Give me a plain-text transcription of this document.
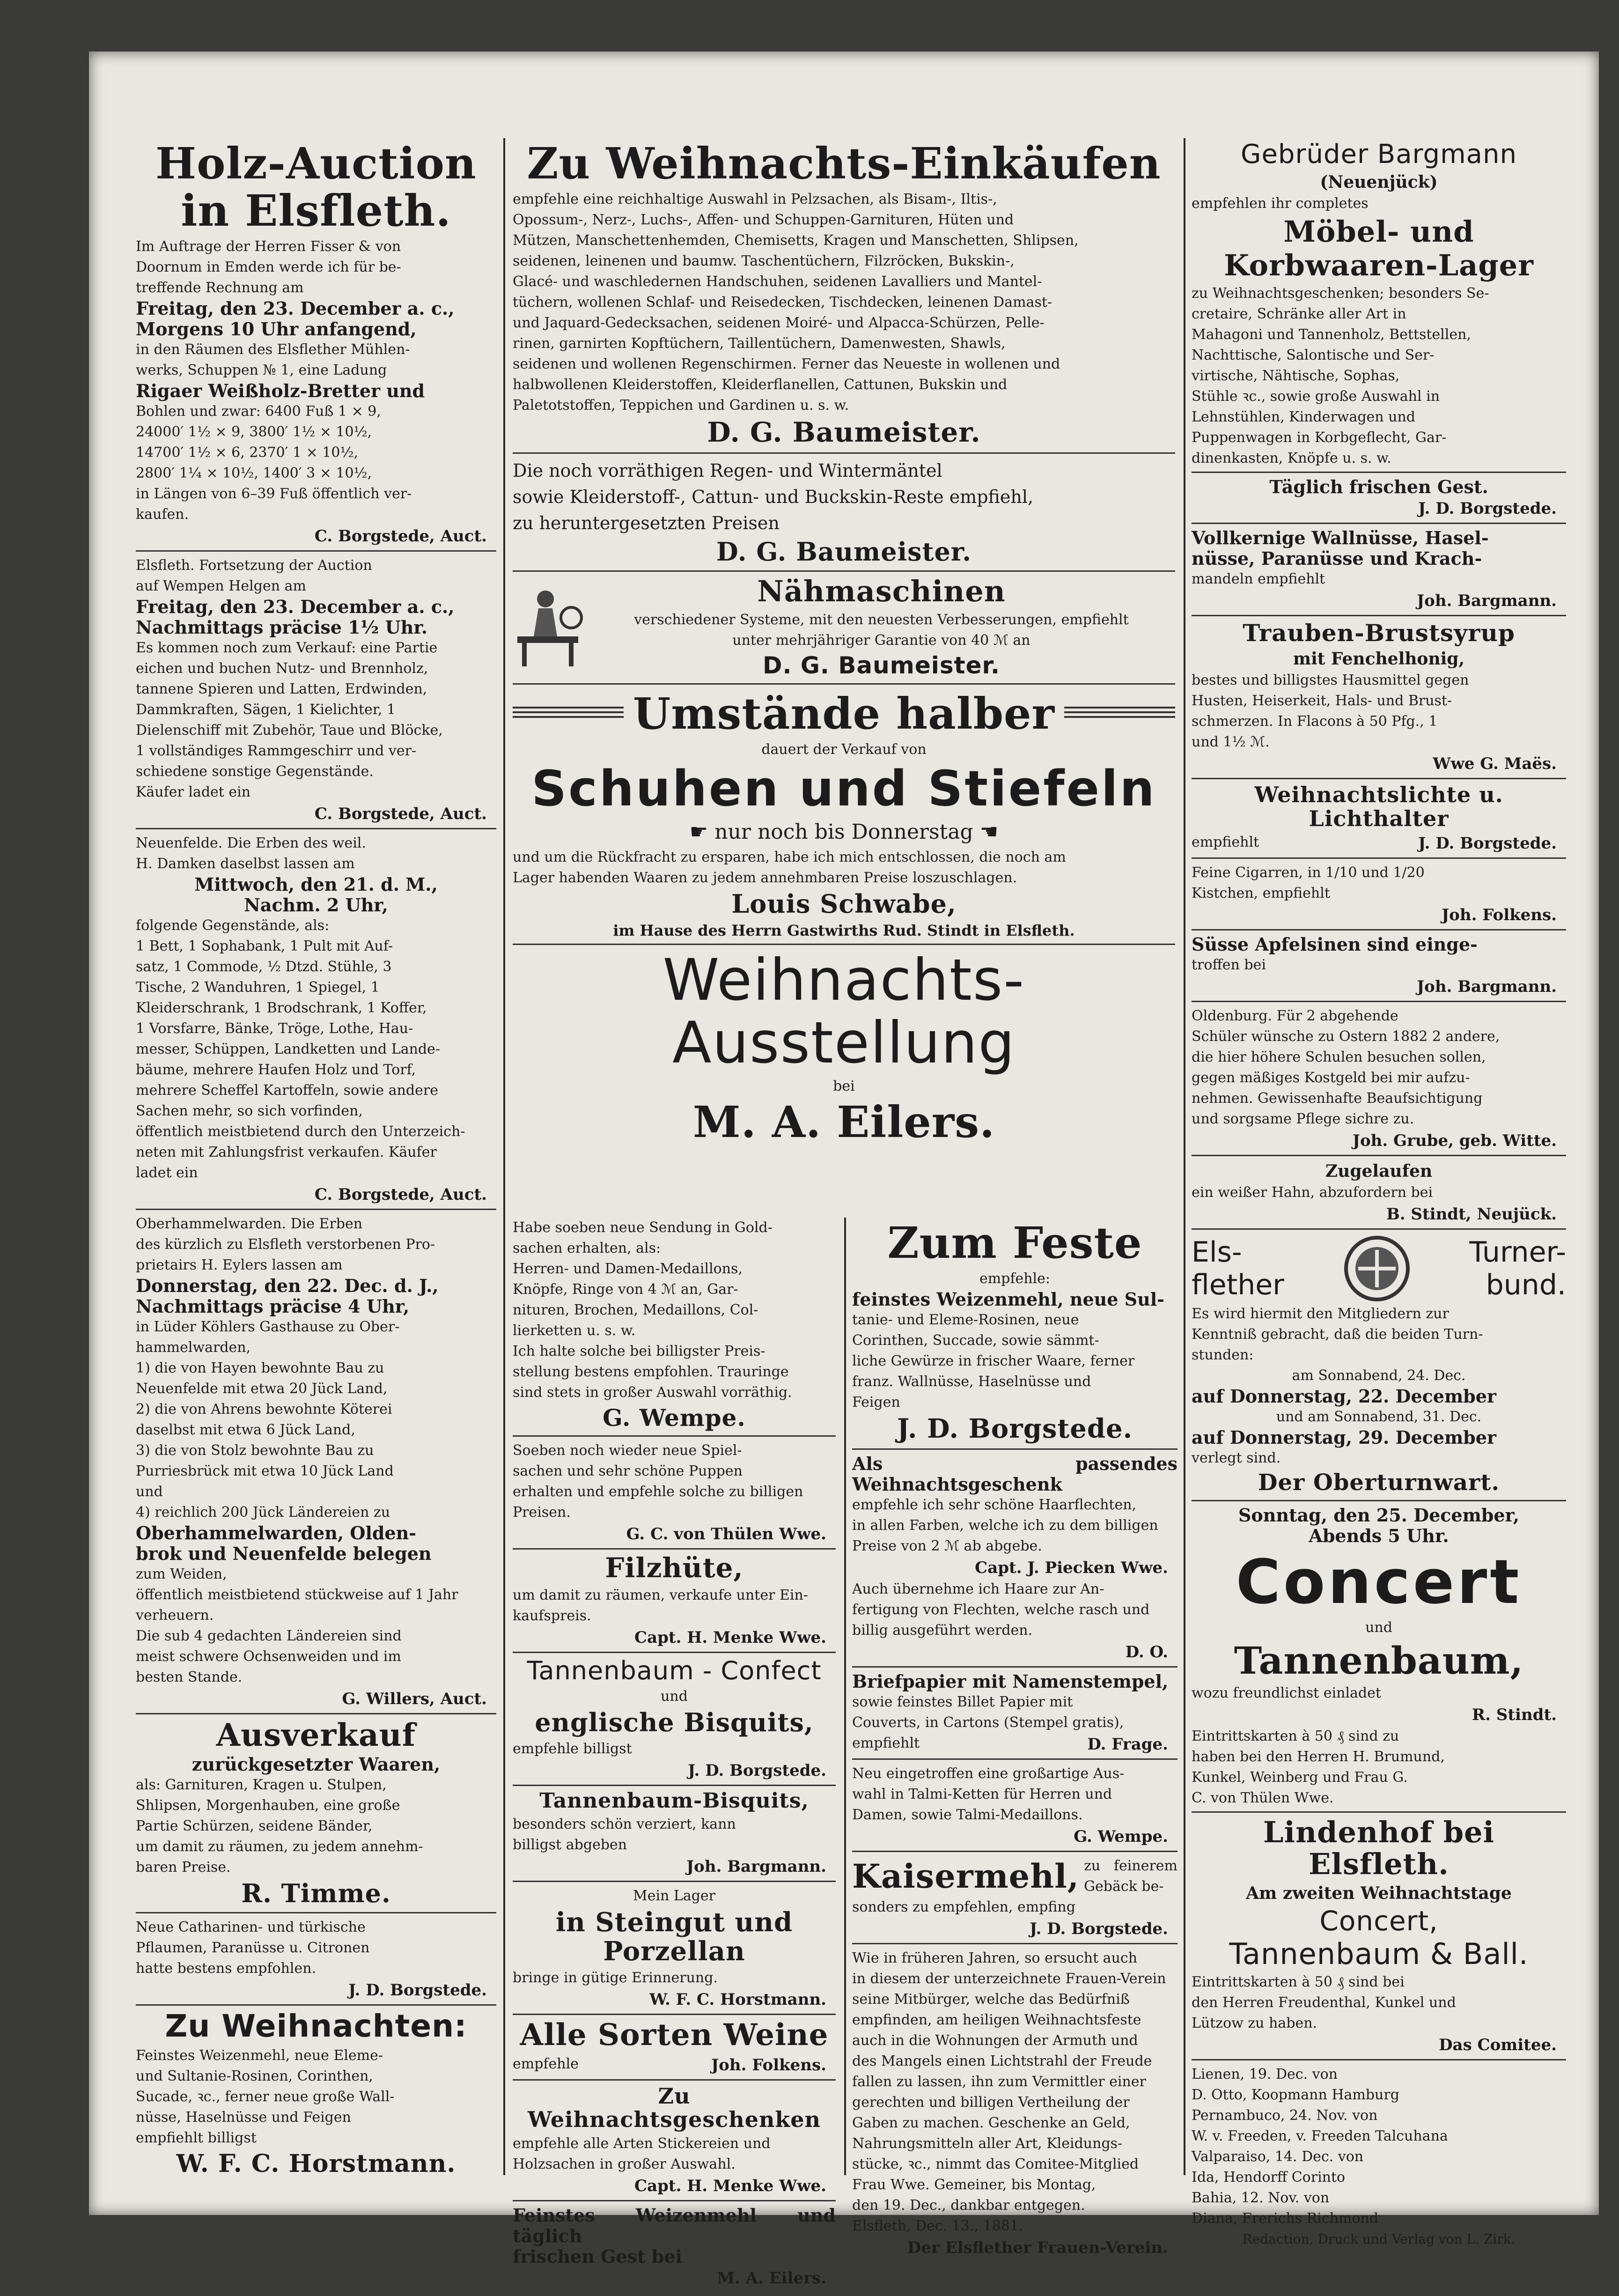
Holz-Auction in Elsfleth.
Im Auftrage der Herren Fisser & von
Doornum in Emden werde ich für be-
treffende Rechnung am
Freitag, den 23. December a. c.,
Morgens 10 Uhr anfangend,
in den Räumen des Elsflether Mühlen-
werks, Schuppen № 1, eine Ladung
Rigaer Weißholz-Bretter und
Bohlen und zwar: 6400 Fuß 1 × 9,
24000′ 1½ × 9, 3800′ 1½ × 10½,
14700′ 1½ × 6, 2370′ 1 × 10½,
2800′ 1¼ × 10½, 1400′ 3 × 10½,
in Längen von 6–39 Fuß öffentlich ver-
kaufen.
C. Borgstede, Auct.
Elsfleth. Fortsetzung der Auction
auf Wempen Helgen am
Freitag, den 23. December a. c.,
Nachmittags präcise 1½ Uhr.
Es kommen noch zum Verkauf: eine Partie
eichen und buchen Nutz- und Brennholz,
tannene Spieren und Latten, Erdwinden,
Dammkraften, Sägen, 1 Kielichter, 1
Dielenschiff mit Zubehör, Taue und Blöcke,
1 vollständiges Rammgeschirr und ver-
schiedene sonstige Gegenstände.
Käufer ladet ein
C. Borgstede, Auct.
Neuenfelde. Die Erben des weil.
H. Damken daselbst lassen am
Mittwoch, den 21. d. M.,
Nachm. 2 Uhr,
folgende Gegenstände, als:
1 Bett, 1 Sophabank, 1 Pult mit Auf-
satz, 1 Commode, ½ Dtzd. Stühle, 3
Tische, 2 Wanduhren, 1 Spiegel, 1
Kleiderschrank, 1 Brodschrank, 1 Koffer,
1 Vorsfarre, Bänke, Tröge, Lothe, Hau-
messer, Schüppen, Landketten und Lande-
bäume, mehrere Haufen Holz und Torf,
mehrere Scheffel Kartoffeln, sowie andere
Sachen mehr, so sich vorfinden,
öffentlich meistbietend durch den Unterzeich-
neten mit Zahlungsfrist verkaufen. Käufer
ladet ein
C. Borgstede, Auct.
Oberhammelwarden. Die Erben
des kürzlich zu Elsfleth verstorbenen Pro-
prietairs H. Eylers lassen am
Donnerstag, den 22. Dec. d. J.,
Nachmittags präcise 4 Uhr,
in Lüder Köhlers Gasthause zu Ober-
hammelwarden,
1) die von Hayen bewohnte Bau zu
Neuenfelde mit etwa 20 Jück Land,
2) die von Ahrens bewohnte Köterei
daselbst mit etwa 6 Jück Land,
3) die von Stolz bewohnte Bau zu
Purriesbrück mit etwa 10 Jück Land
und
4) reichlich 200 Jück Ländereien zu
Oberhammelwarden, Olden-
brok und Neuenfelde belegen
zum Weiden,
öffentlich meistbietend stückweise auf 1 Jahr
verheuern.
Die sub 4 gedachten Ländereien sind
meist schwere Ochsenweiden und im
besten Stande.
G. Willers, Auct.
Ausverkauf
zurückgesetzter Waaren,
als: Garnituren, Kragen u. Stulpen,
Shlipsen, Morgenhauben, eine große
Partie Schürzen, seidene Bänder,
um damit zu räumen, zu jedem annehm-
baren Preise.
R. Timme.
Neue Catharinen- und türkische
Pflaumen, Paranüsse u. Citronen
hatte bestens empfohlen.
J. D. Borgstede.
Zu Weihnachten:
Feinstes Weizenmehl, neue Eleme-
und Sultanie-Rosinen, Corinthen,
Sucade, ꝛc., ferner neue große Wall-
nüsse, Haselnüsse und Feigen
empfiehlt billigst
W. F. C. Horstmann.
Zu Weihnachts-Einkäufen
empfehle eine reichhaltige Auswahl in Pelzsachen, als Bisam-, Iltis-,
Opossum-, Nerz-, Luchs-, Affen- und Schuppen-Garnituren, Hüten und
Mützen, Manschettenhemden, Chemisetts, Kragen und Manschetten, Shlipsen,
seidenen, leinenen und baumw. Taschentüchern, Filzröcken, Bukskin-,
Glacé- und waschledernen Handschuhen, seidenen Lavalliers und Mantel-
tüchern, wollenen Schlaf- und Reisedecken, Tischdecken, leinenen Damast-
und Jaquard-Gedecksachen, seidenen Moiré- und Alpacca-Schürzen, Pelle-
rinen, garnirten Kopftüchern, Taillentüchern, Damenwesten, Shawls,
seidenen und wollenen Regenschirmen. Ferner das Neueste in wollenen und
halbwollenen Kleiderstoffen, Kleiderflanellen, Cattunen, Bukskin und
Paletotstoffen, Teppichen und Gardinen u. s. w.
D. G. Baumeister.
Die noch vorräthigen Regen- und Wintermäntel
sowie Kleiderstoff-, Cattun- und Buckskin-Reste empfiehl,
zu heruntergesetzten Preisen
D. G. Baumeister.
Nähmaschinen
verschiedener Systeme, mit den neuesten Verbesserungen, empfiehlt
unter mehrjähriger Garantie von 40 ℳ an
D. G. Baumeister.
Umstände halber
dauert der Verkauf von
Schuhen und Stiefeln
☛ nur noch bis Donnerstag ☚
und um die Rückfracht zu ersparen, habe ich mich entschlossen, die noch am
Lager habenden Waaren zu jedem annehmbaren Preise loszuschlagen.
Louis Schwabe,
im Hause des Herrn Gastwirths Rud. Stindt in Elsfleth.
Weihnachts-Ausstellung
bei
M. A. Eilers.
Habe soeben neue Sendung in Gold-
sachen erhalten, als:
Herren- und Damen-Medaillons,
Knöpfe, Ringe von 4 ℳ an, Gar-
nituren, Brochen, Medaillons, Col-
lierketten u. s. w.
Ich halte solche bei billigster Preis-
stellung bestens empfohlen. Trauringe
sind stets in großer Auswahl vorräthig.
G. Wempe.
Soeben noch wieder neue Spiel-
sachen und sehr schöne Puppen
erhalten und empfehle solche zu billigen
Preisen.
G. C. von Thülen Wwe.
Filzhüte,
um damit zu räumen, verkaufe unter Ein-
kaufspreis.
Capt. H. Menke Wwe.
Tannenbaum - Confect
und
englische Bisquits,
empfehle billigst
J. D. Borgstede.
Tannenbaum-Bisquits,
besonders schön verziert, kann
billigst abgeben
Joh. Bargmann.
Mein Lager
in Steingut und Porzellan
bringe in gütige Erinnerung.
W. F. C. Horstmann.
Alle Sorten Weine
empfehle	Joh. Folkens.
Zu Weihnachtsgeschenken
empfehle alle Arten Stickereien und
Holzsachen in großer Auswahl.
Capt. H. Menke Wwe.
Feinstes Weizenmehl und täglich
frischen Gest bei
M. A. Eilers.
Zum Feste
empfehle:
feinstes Weizenmehl, neue Sul-
tanie- und Eleme-Rosinen, neue
Corinthen, Succade, sowie sämmt-
liche Gewürze in frischer Waare, ferner
franz. Wallnüsse, Haselnüsse und
Feigen
J. D. Borgstede.
Als passendes Weihnachtsgeschenk
empfehle ich sehr schöne Haarflechten,
in allen Farben, welche ich zu dem billigen
Preise von 2 ℳ ab abgebe.
Capt. J. Piecken Wwe.
Auch übernehme ich Haare zur An-
fertigung von Flechten, welche rasch und
billig ausgeführt werden.
D. O.
Briefpapier mit Namenstempel,
sowie feinstes Billet Papier mit
Couverts, in Cartons (Stempel gratis),
empfiehlt	D. Frage.
Neu eingetroffen eine großartige Aus-
wahl in Talmi-Ketten für Herren und
Damen, sowie Talmi-Medaillons.
G. Wempe.
Kaisermehl, zu feinerem Gebäck be-
sonders zu empfehlen, empfing
J. D. Borgstede.
Wie in früheren Jahren, so ersucht auch
in diesem der unterzeichnete Frauen-Verein
seine Mitbürger, welche das Bedürfniß
empfinden, am heiligen Weihnachtsfeste
auch in die Wohnungen der Armuth und
des Mangels einen Lichtstrahl der Freude
fallen zu lassen, ihn zum Vermittler einer
gerechten und billigen Vertheilung der
Gaben zu machen. Geschenke an Geld,
Nahrungsmitteln aller Art, Kleidungs-
stücke, ꝛc., nimmt das Comitee-Mitglied
Frau Wwe. Gemeiner, bis Montag,
den 19. Dec., dankbar entgegen.
Elsfleth, Dec. 13., 1881.
Der Elsflether Frauen-Verein.
Gebrüder Bargmann
(Neuenjück)
empfehlen ihr completes
Möbel- und
Korbwaaren-Lager
zu Weihnachtsgeschenken; besonders Se-
cretaire, Schränke aller Art in
Mahagoni und Tannenholz, Bettstellen,
Nachttische, Salontische und Ser-
virtische, Nähtische, Sophas,
Stühle ꝛc., sowie große Auswahl in
Lehnstühlen, Kinderwagen und
Puppenwagen in Korbgeflecht, Gar-
dinenkasten, Knöpfe u. s. w.
Täglich frischen Gest.
J. D. Borgstede.
Vollkernige Wallnüsse, Hasel-
nüsse, Paranüsse und Krach-
mandeln empfiehlt
Joh. Bargmann.
Trauben-Brustsyrup
mit Fenchelhonig,
bestes und billigstes Hausmittel gegen
Husten, Heiserkeit, Hals- und Brust-
schmerzen. In Flacons à 50 Pfg., 1
und 1½ ℳ.
Wwe G. Maës.
Weihnachtslichte u. Lichthalter
empfiehlt	J. D. Borgstede.
Feine Cigarren, in 1/10 und 1/20
Kistchen, empfiehlt
Joh. Folkens.
Süsse Apfelsinen sind einge-
troffen bei
Joh. Bargmann.
Oldenburg. Für 2 abgehende
Schüler wünsche zu Ostern 1882 2 andere,
die hier höhere Schulen besuchen sollen,
gegen mäßiges Kostgeld bei mir aufzu-
nehmen. Gewissenhafte Beaufsichtigung
und sorgsame Pflege sichre zu.
Joh. Grube, geb. Witte.
Zugelaufen
ein weißer Hahn, abzufordern bei
B. Stindt, Neujück.
Els-
flether
Turner-
bund.
Es wird hiermit den Mitgliedern zur
Kenntniß gebracht, daß die beiden Turn-
stunden:
am Sonnabend, 24. Dec.
auf Donnerstag, 22. December
und am Sonnabend, 31. Dec.
auf Donnerstag, 29. December
verlegt sind.
Der Oberturnwart.
Sonntag, den 25. December,
Abends 5 Uhr.
Concert
und
Tannenbaum,
wozu freundlichst einladet
R. Stindt.
Eintrittskarten à 50 ₰ sind zu
haben bei den Herren H. Brumund,
Kunkel, Weinberg und Frau G.
C. von Thülen Wwe.
Lindenhof bei Elsfleth.
Am zweiten Weihnachtstage
Concert,
Tannenbaum & Ball.
Eintrittskarten à 50 ₰ sind bei
den Herren Freudenthal, Kunkel und
Lützow zu haben.
Das Comitee.
Lienen, 19. Dec. von
D. Otto, Koopmann Hamburg
Pernambuco, 24. Nov. von
W. v. Freeden, v. Freeden Talcuhana
Valparaiso, 14. Dec. von
Ida, Hendorff Corinto
Bahia, 12. Nov. von
Diana, Frerichs Richmond
Redaction, Druck und Verlag von L. Zirk.
